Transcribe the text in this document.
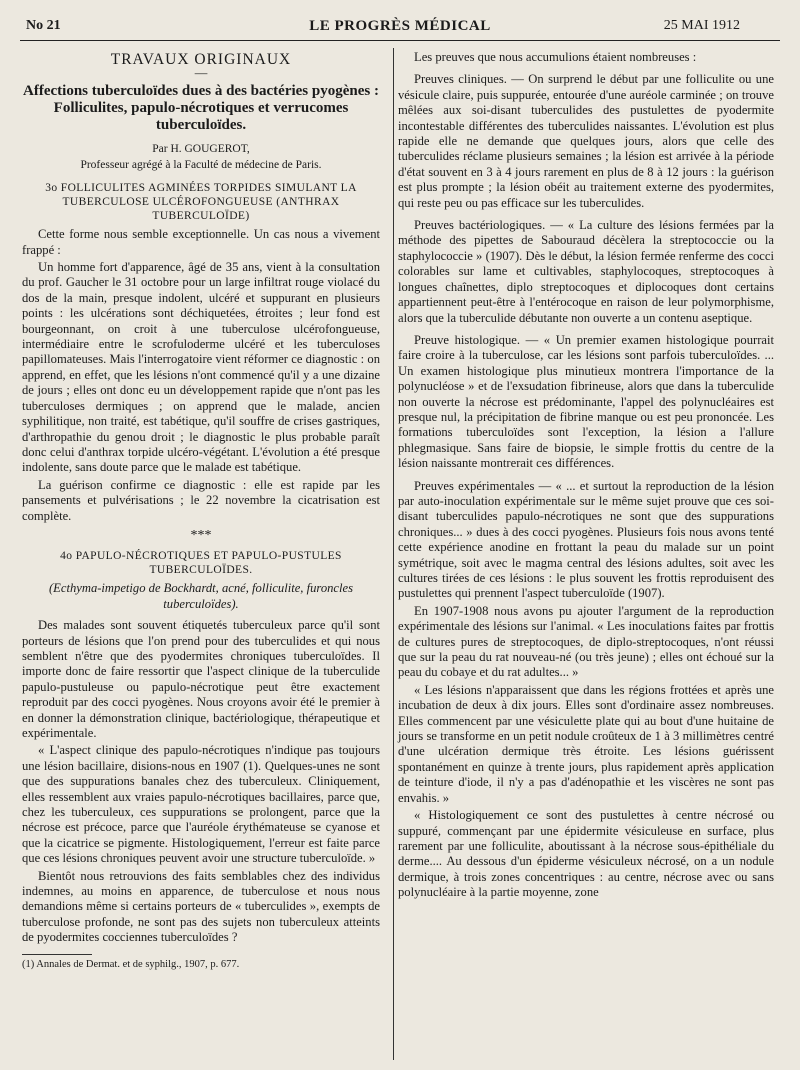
No 21	LE PROGRÈS MÉDICAL	25 MAI 1912
TRAVAUX ORIGINAUX
—
Affections tuberculoïdes dues à des bactéries pyogènes : Folliculites, papulo-nécrotiques et verrucomes tuberculoïdes.
Par H. GOUGEROT,
Professeur agrégé à la Faculté de médecine de Paris.
3o FOLLICULITES AGMINÉES TORPIDES SIMULANT LA TUBERCULOSE ULCÉROFONGUEUSE (ANTHRAX TUBERCULOÏDE)

Cette forme nous semble exceptionnelle. Un cas nous a vivement frappé :

Un homme fort d'apparence, âgé de 35 ans, vient à la consultation du prof. Gaucher le 31 octobre pour un large infiltrat rouge violacé du dos de la main, presque indolent, ulcéré et suppurant en plusieurs points : les ulcérations sont déchiquetées, étroites ; leur fond est bourgeonnant, on croit à une tuberculose ulcérofongueuse, intermédiaire entre le scrofuloderme ulcéré et les tuberculoses papillomateuses. Mais l'interrogatoire vient réformer ce diagnostic : on apprend, en effet, que les lésions n'ont commencé qu'il y a une dizaine de jours ; elles ont donc eu un développement rapide que n'ont pas les tuberculoses dermiques ; on apprend que le malade, ancien syphilitique, non traité, est tabétique, qu'il souffre de crises gastriques, d'arthropathie du genou droit ; le diagnostic le plus probable paraît donc celui d'anthrax torpide ulcéro-végétant. L'évolution a été presque indolente, sans doute parce que le malade est tabétique.

La guérison confirme ce diagnostic : elle est rapide par les pansements et pulvérisations ; le 22 novembre la cicatrisation est complète.

***
4o PAPULO-NÉCROTIQUES ET PAPULO-PUSTULES TUBERCULOÏDES.
(Ecthyma-impetigo de Bockhardt, acné, folliculite, furoncles tuberculoïdes).

Des malades sont souvent étiquetés tuberculeux parce qu'il sont porteurs de lésions que l'on prend pour des tuberculides et qui nous semblent n'être que des pyodermites chroniques tuberculoïdes. Il importe donc de faire ressortir que l'aspect clinique de la tuberculide papulo-pustuleuse ou papulo-nécrotique peut être exactement reproduit par des cocci pyogènes. Nous croyons avoir été le premier à en donner la démonstration clinique, bactériologique, thérapeutique et expérimentale.

« L'aspect clinique des papulo-nécrotiques n'indique pas toujours une lésion bacillaire, disions-nous en 1907 (1). Quelques-unes ne sont que des suppurations banales chez des tuberculeux. Cliniquement, elles ressemblent aux vraies papulo-nécrotiques bacillaires, parce que, chez les tuberculeux, ces suppurations se prolongent, parce que la nécrose est précoce, parce que l'auréole érythémateuse se cyanose et que la cicatrice se pigmente. Histologiquement, l'erreur est faite parce que ces lésions chroniques peuvent avoir une structure tuberculoïde. »

Bientôt nous retrouvions des faits semblables chez des individus indemnes, au moins en apparence, de tuberculose et nous nous demandions même si certains porteurs de « tuberculides », exempts de tuberculose profonde, ne sont pas des sujets non tuberculeux atteints de pyodermites cocciennes tuberculoïdes ?

(1) Annales de Dermat. et de syphilg., 1907, p. 677.

Les preuves que nous accumulions étaient nombreuses :

Preuves cliniques. — On surprend le début par une folliculite ou une vésicule claire, puis suppurée, entourée d'une auréole carminée ; on trouve mêlées aux soi-disant tuberculides des pustulettes de pyodermite incontestable différentes des tuberculides naissantes. L'évolution est plus rapide elle ne demande que quelques jours, alors que celle des tuberculides réclame plusieurs semaines ; la lésion est arrivée à la période d'état souvent en 3 à 4 jours rarement en plus de 8 à 12 jours : la guérison est plus prompte ; la lésion obéit au traitement externe des pyodermites, qui reste peu ou pas efficace sur les tuberculides.

Preuves bactériologiques. — « La culture des lésions fermées par la méthode des pipettes de Sabouraud décèlera la streptococcie ou la staphylococcie » (1907). Dès le début, la lésion fermée renferme des cocci colorables sur lame et cultivables, staphylocoques, streptocoques à longues chaînettes, diplo streptocoques et diplocoques dont certains appartiennent peut-être à l'entérocoque en raison de leur polymorphisme, alors que la tuberculide débutante non ouverte a un contenu aseptique.

Preuve histologique. — « Un premier examen histologique pourrait faire croire à la tuberculose, car les lésions sont parfois tuberculoïdes. ... Un examen histologique plus minutieux montrera l'importance de la polynucléose » et de l'exsudation fibrineuse, alors que dans la tuberculide non ouverte la nécrose est prédominante, l'appel des polynucléaires est presque nul, la précipitation de fibrine manque ou est peu prononcée. Les formations tuberculoïdes sont l'exception, la lésion a l'allure phlegmasique. Sans faire de biopsie, le simple frottis du centre de la lésion naissante montrerait ces différences.

Preuves expérimentales — « ... et surtout la reproduction de la lésion par auto-inoculation expérimentale sur le même sujet prouve que ces soi-disant tuberculides papulo-nécrotiques ne sont que des suppurations chroniques... » dues à des cocci pyogènes. Plusieurs fois nous avons tenté cette expérience anodine en frottant la peau du malade sur un point symétrique, soit avec le magma central des lésions adultes, soit avec les cultures tirées de ces lésions : le plus souvent les frottis reproduisent des pustulettes qui prennent l'aspect tuberculoïde (1907).

En 1907-1908 nous avons pu ajouter l'argument de la reproduction expérimentale des lésions sur l'animal. « Les inoculations faites par frottis de cultures pures de streptocoques, de diplo-streptocoques, n'ont réussi que sur la peau du rat nouveau-né (ou très jeune) ; elles ont échoué sur la peau du cobaye et du rat adultes... »

« Les lésions n'apparaissent que dans les régions frottées et après une incubation de deux à dix jours. Elles sont d'ordinaire assez nombreuses. Elles commencent par une vésiculette plate qui au bout d'une huitaine de jours se transforme en un petit nodule croûteux de 1 à 3 millimètres centré d'une ulcération dermique très étroite. Les lésions guérissent spontanément en quinze à trente jours, plus rapidement après application de teinture d'iode, il n'y a pas d'adénopathie et les viscères ne sont pas envahis. »

« Histologiquement ce sont des pustulettes à centre nécrosé ou suppuré, commençant par une épidermite vésiculeuse en surface, plus rarement par une folliculite, aboutissant à la nécrose sous-épithéliale du derme.... Au dessous d'un épiderme vésiculeux nécrosé, on a un nodule dermique, à trois zones concentriques : au centre, nécrose avec ou sans polynucléaire à la partie moyenne, zone
